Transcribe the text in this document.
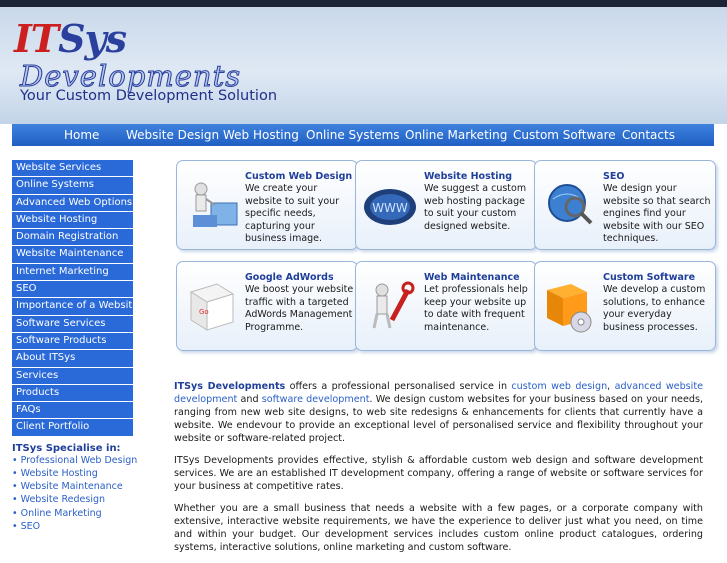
ITSys
Developments
Your Custom Development Solution
Home Website Design Web Hosting Online Systems Online Marketing Custom Software Contacts
Website Services
Online Systems
Advanced Web Options
Website Hosting
Domain Registration
Website Maintenance
Internet Marketing
SEO
Importance of a Website
Software Services
Software Products
About ITSys
Services
Products
FAQs
Client Portfolio
ITSys Specialise in:
• Professional Web Design
• Website Hosting
• Website Maintenance
• Website Redesign
• Online Marketing
• SEO
Custom Web Design
We create your website to suit your specific needs, capturing your business image.
WWW
Website Hosting
We suggest a custom web hosting package to suit your custom designed website.
SEO
We design your website so that search engines find your website with our SEO techniques.
Go
Google AdWords
We boost your website traffic with a targeted AdWords Management Programme.
Web Maintenance
Let professionals help keep your website up to date with frequent maintenance.
Custom Software
We develop a custom solutions, to enhance your everyday business processes.

ITSys Developments offers a professional personalised service in custom web design, advanced website development and software development. We design custom websites for your business based on your needs, ranging from new web site designs, to web site redesigns & enhancements for clients that currently have a website. We endevour to provide an exceptional level of personalised service and flexibility throughout your website or software-related project.

ITSys Developments provides effective, stylish & affordable custom web design and software development services. We are an established IT development company, offering a range of website or software services for your business at competitive rates.

Whether you are a small business that needs a website with a few pages, or a corporate company with extensive, interactive website requirements, we have the experience to deliver just what you need, on time and within your budget. Our development services includes custom online product catalogues, ordering systems, interactive solutions, online marketing and custom software.
